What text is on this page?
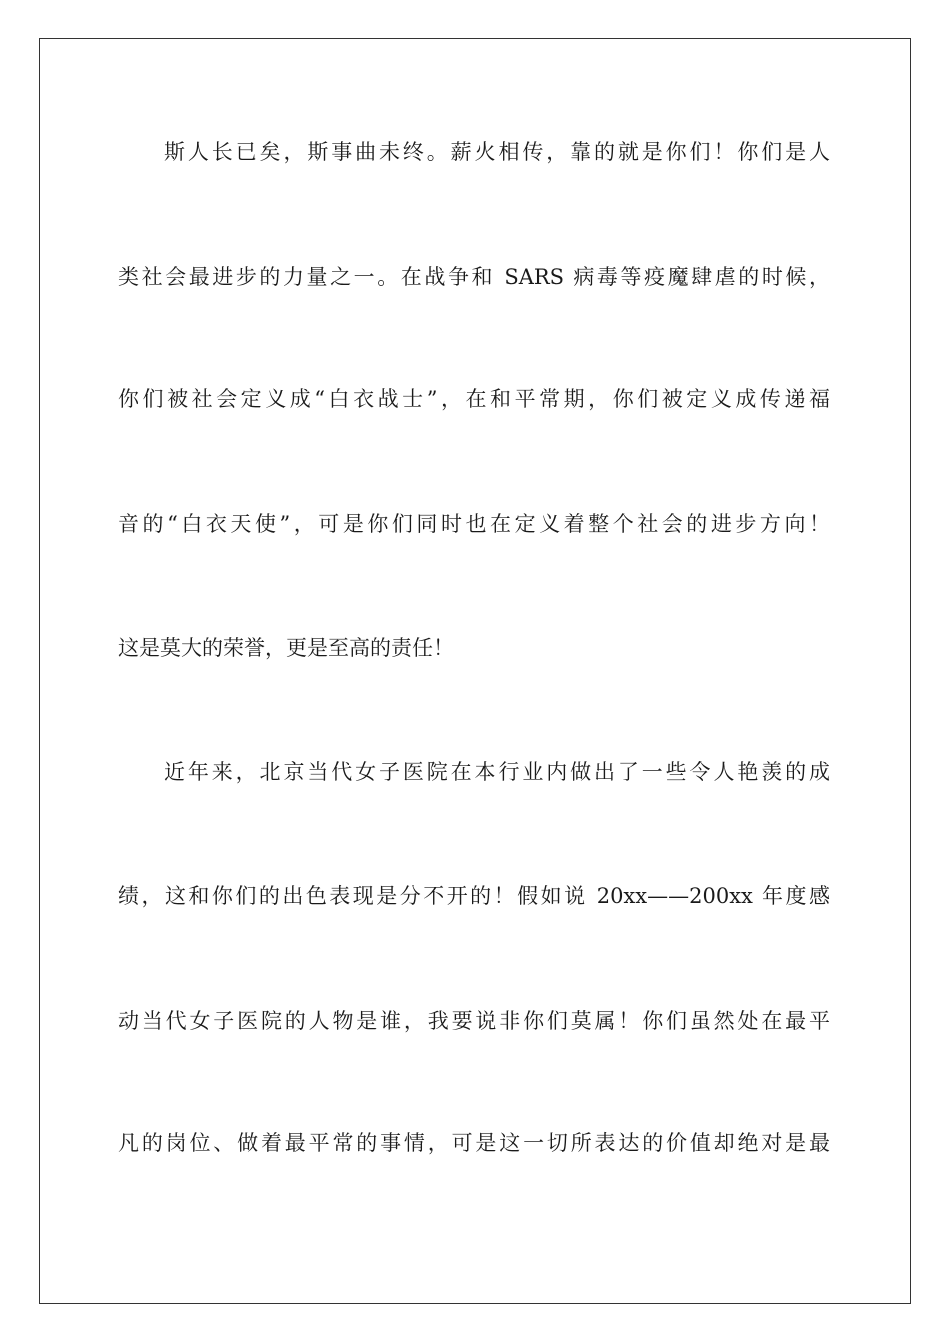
斯人长已矣，斯事曲未终。薪火相传，靠的就是你们！你们是人
类社会最进步的力量之一。在战争和 SARS 病毒等疫魔肆虐的时候，
你们被社会定义成“白衣战士”，在和平常期，你们被定义成传递福
音的“白衣天使”，可是你们同时也在定义着整个社会的进步方向！
这是莫大的荣誉，更是至高的责任！
近年来，北京当代女子医院在本行业内做出了一些令人艳羡的成
绩，这和你们的出色表现是分不开的！假如说 20xx——200xx 年度感
动当代女子医院的人物是谁，我要说非你们莫属！你们虽然处在最平
凡的岗位、做着最平常的事情，可是这一切所表达的价值却绝对是最
